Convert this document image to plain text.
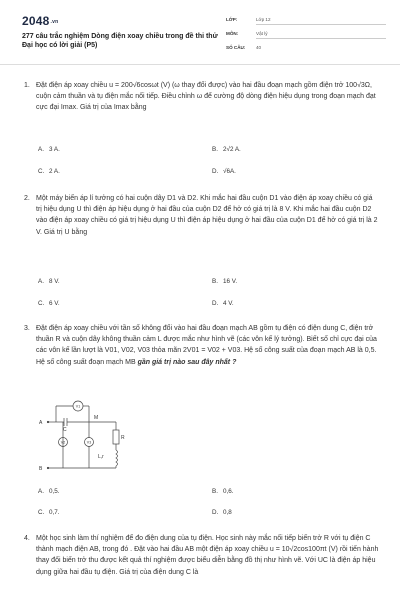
2048.vn
277 câu trắc nghiệm Dòng điện xoay chiều trong đề thi thử Đại học có lời giải (P5)
LỚP:	Lớp 12
MÔN:	Vật lý
SỐ CÂU: 40
1. Đặt điện áp xoay chiều u = 200√6cosωt (V) (ω thay đổi được) vào hai đầu đoạn mạch gồm điện trở 100√3Ω, cuộn cảm thuần và tụ điện mắc nối tiếp. Điều chỉnh ω để cường độ dòng điện hiệu dụng trong đoạn mạch đạt cực đại Imax. Giá trị của Imax bằng
A. 3 A.	B. 2√2 A.
C. 2 A.	D. √6A.
2. Một máy biến áp lí tưởng có hai cuộn dây D1 và D2. Khi mắc hai đầu cuộn D1 vào điện áp xoay chiều có giá trị hiệu dụng U thì điện áp hiệu dụng ở hai đầu của cuộn D2 để hở có giá trị là 8 V. Khi mắc hai đầu cuộn D2 vào điện áp xoay chiều có giá trị hiệu dụng U thì điện áp hiệu dụng ở hai đầu của cuộn D1 để hở có giá trị là 2 V. Giá trị U bằng
A. 8 V.	B. 16 V.
C. 6 V.	D. 4 V.
3. Đặt điện áp xoay chiều với tần số không đổi vào hai đầu đoạn mạch AB gồm tụ điện có điện dung C, điện trở thuần R và cuộn dây không thuần cảm L được mắc như hình vẽ (các vôn kế lý tưởng). Biết số chỉ cực đại của các vôn kế lần lượt là V01, V02, V03 thỏa mãn 2V01 = V02 + V03. Hệ số công suất của đoạn mạch AB là 0,5. Hệ số công suất đoạn mạch MB gần giá trị nào sau đây nhất ?
A
B
M
C
R
L,r
V1
V2	V3
A. 0,5.	B. 0,6.
C. 0,7.	D. 0,8
4. Một học sinh làm thí nghiệm để đo điện dung của tụ điện. Học sinh này mắc nối tiếp biến trở R với tụ điện C thành mạch điện AB, trong đó . Đặt vào hai đầu AB một điện áp xoay chiều u = 10√2cos100πt (V) rồi tiến hành thay đổi biến trở thu được kết quả thí nghiệm được biểu diễn bằng đồ thị như hình vẽ. Với UC là điện áp hiệu dụng giữa hai đầu tụ điện. Giá trị của điện dung C là
